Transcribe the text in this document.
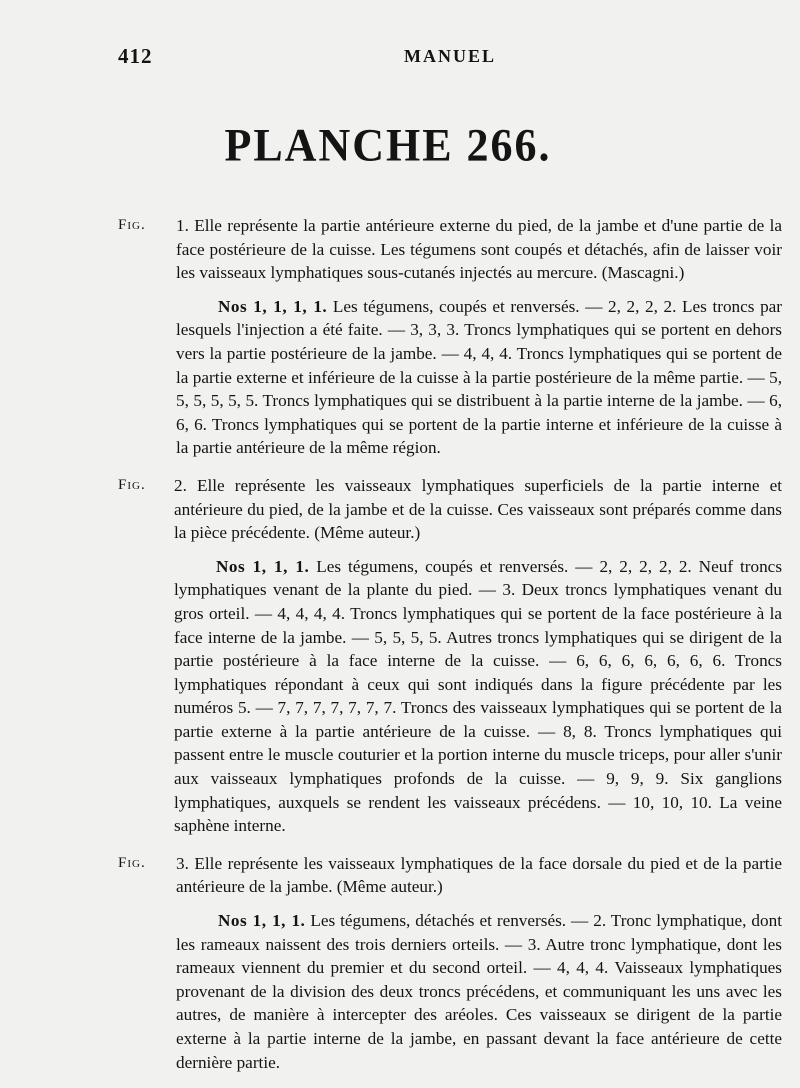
412	MANUEL
PLANCHE 266.
Fig. 1. Elle représente la partie antérieure externe du pied, de la jambe et d'une partie de la face postérieure de la cuisse. Les tégumens sont coupés et détachés, afin de laisser voir les vaisseaux lymphatiques sous-cutanés injectés au mercure. (Mascagni.)
Nos 1, 1, 1, 1. Les tégumens, coupés et renversés. — 2, 2, 2, 2. Les troncs par lesquels l'injection a été faite. — 3, 3, 3. Troncs lymphatiques qui se portent en dehors vers la partie postérieure de la jambe. — 4, 4, 4. Troncs lymphatiques qui se portent de la partie externe et inférieure de la cuisse à la partie postérieure de la même partie. — 5, 5, 5, 5, 5, 5. Troncs lymphatiques qui se distribuent à la partie interne de la jambe. — 6, 6, 6. Troncs lymphatiques qui se portent de la partie interne et inférieure de la cuisse à la partie antérieure de la même région.
Fig. 2. Elle représente les vaisseaux lymphatiques superficiels de la partie interne et antérieure du pied, de la jambe et de la cuisse. Ces vaisseaux sont préparés comme dans la pièce précédente. (Même auteur.)
Nos 1, 1, 1. Les tégumens, coupés et renversés. — 2, 2, 2, 2, 2. Neuf troncs lymphatiques venant de la plante du pied. — 3. Deux troncs lymphatiques venant du gros orteil. — 4, 4, 4, 4. Troncs lymphatiques qui se portent de la face postérieure à la face interne de la jambe. — 5, 5, 5, 5. Autres troncs lymphatiques qui se dirigent de la partie postérieure à la face interne de la cuisse. — 6, 6, 6, 6, 6, 6, 6. Troncs lymphatiques répondant à ceux qui sont indiqués dans la figure précédente par les numéros 5. — 7, 7, 7, 7, 7, 7, 7. Troncs des vaisseaux lymphatiques qui se portent de la partie externe à la partie antérieure de la cuisse. — 8, 8. Troncs lymphatiques qui passent entre le muscle couturier et la portion interne du muscle triceps, pour aller s'unir aux vaisseaux lymphatiques profonds de la cuisse. — 9, 9, 9. Six ganglions lymphatiques, auxquels se rendent les vaisseaux précédens. — 10, 10, 10. La veine saphène interne.
Fig. 3. Elle représente les vaisseaux lymphatiques de la face dorsale du pied et de la partie antérieure de la jambe. (Même auteur.)
Nos 1, 1, 1. Les tégumens, détachés et renversés. — 2. Tronc lymphatique, dont les rameaux naissent des trois derniers orteils. — 3. Autre tronc lymphatique, dont les rameaux viennent du premier et du second orteil. — 4, 4, 4. Vaisseaux lymphatiques provenant de la division des deux troncs précédens, et communiquant les uns avec les autres, de manière à intercepter des aréoles. Ces vaisseaux se dirigent de la partie externe à la partie interne de la jambe, en passant devant la face antérieure de cette dernière partie.
